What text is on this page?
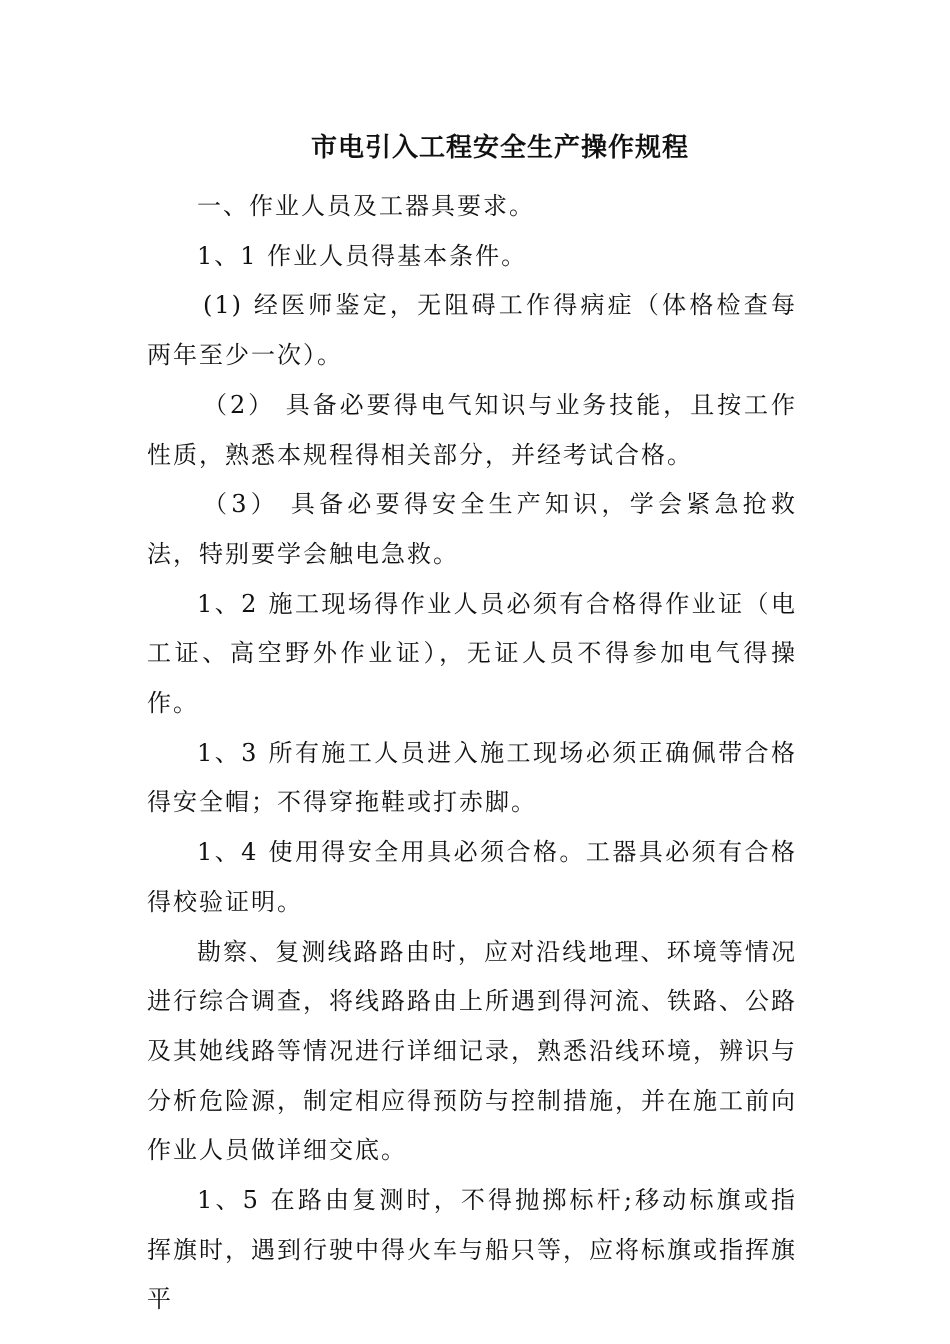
市电引入工程安全生产操作规程

一、作业人员及工器具要求。

1、1 作业人员得基本条件。

(1) 经医师鉴定，无阻碍工作得病症（体格检查每两年至少一次）。

（2） 具备必要得电气知识与业务技能，且按工作性质，熟悉本规程得相关部分，并经考试合格。

（3） 具备必要得安全生产知识，学会紧急抢救法，特别要学会触电急救。

1、2 施工现场得作业人员必须有合格得作业证（电工证、高空野外作业证），无证人员不得参加电气得操作。

1、3 所有施工人员进入施工现场必须正确佩带合格得安全帽；不得穿拖鞋或打赤脚。

1、4 使用得安全用具必须合格。工器具必须有合格得校验证明。

勘察、复测线路路由时，应对沿线地理、环境等情况进行综合调查，将线路路由上所遇到得河流、铁路、公路及其她线路等情况进行详细记录，熟悉沿线环境，辨识与分析危险源，制定相应得预防与控制措施，并在施工前向作业人员做详细交底。

1、5 在路由复测时，不得抛掷标杆;移动标旗或指挥旗时，遇到行驶中得火车与船只等，应将标旗或指挥旗平
